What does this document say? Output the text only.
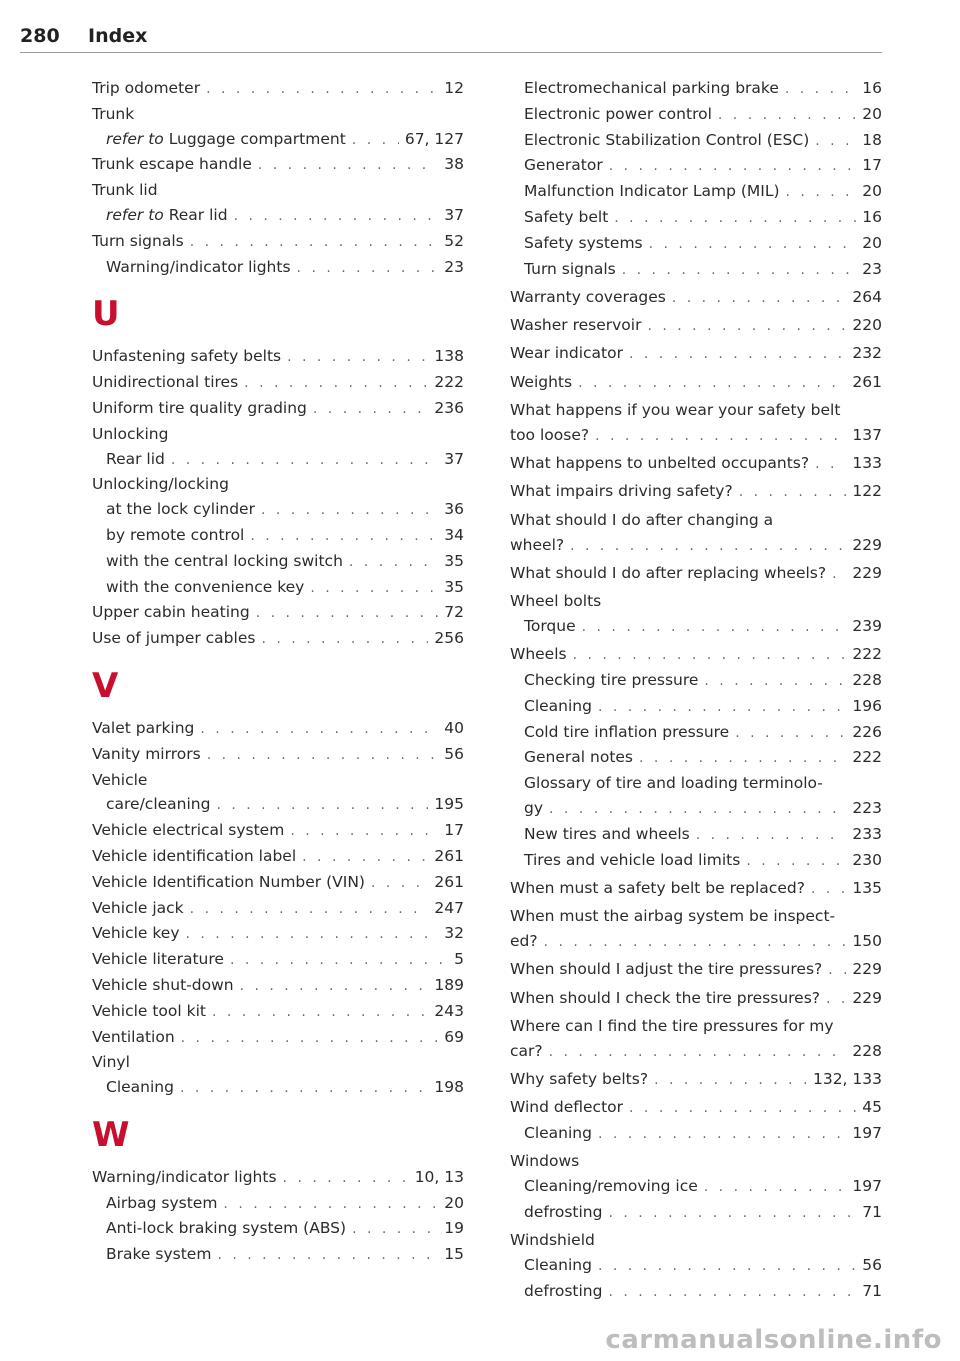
280 Index
Trip odometer . . .	12
Trunk
refer to Luggage compartment . . .	67, 127
Trunk escape handle . . .	38
Trunk lid
refer to Rear lid . . .	37
Turn signals . . .	52
Warning/indicator lights . . .	23
U
Unfastening safety belts . . .	138
Unidirectional tires . . .	222
Uniform tire quality grading . . .	236
Unlocking
Rear lid . . .	37
Unlocking/locking
at the lock cylinder . . .	36
by remote control . . .	34
with the central locking switch . . .	35
with the convenience key . . .	35
Upper cabin heating . . .	72
Use of jumper cables . . .	256
V
Valet parking . . .	40
Vanity mirrors . . .	56
Vehicle
care/cleaning . . .	195
Vehicle electrical system . . .	17
Vehicle identification label . . .	261
Vehicle Identification Number (VIN) . . .	261
Vehicle jack . . .	247
Vehicle key . . .	32
Vehicle literature . . .	5
Vehicle shut-down . . .	189
Vehicle tool kit . . .	243
Ventilation . . .	69
Vinyl
Cleaning . . .	198
W
Warning/indicator lights . . .	10, 13
Airbag system . . .	20
Anti-lock braking system (ABS) . . .	19
Brake system . . .	15
Electromechanical parking brake . . .	16
Electronic power control . . .	20
Electronic Stabilization Control (ESC) . . .	18
Generator . . .	17
Malfunction Indicator Lamp (MIL) . . .	20
Safety belt . . .	16
Safety systems . . .	20
Turn signals . . .	23
Warranty coverages . . .	264
Washer reservoir . . .	220
Wear indicator . . .	232
Weights . . .	261
What happens if you wear your safety belt
too loose? . . .	137
What happens to unbelted occupants? . . .	133
What impairs driving safety? . . .	122
What should I do after changing a
wheel? . . .	229
What should I do after replacing wheels? . . . 229
Wheel bolts
Torque . . .	239
Wheels . . .	222
Checking tire pressure . . .	228
Cleaning . . .	196
Cold tire inflation pressure . . .	226
General notes . . .	222
Glossary of tire and loading terminolo-
gy . . .	223
New tires and wheels . . .	233
Tires and vehicle load limits . . .	230
When must a safety belt be replaced? . . .	135
When must the airbag system be inspect-
ed? . . .	150
When should I adjust the tire pressures? . . . 229
When should I check the tire pressures? . . . 229
Where can I find the tire pressures for my
car? . . .	228
Why safety belts? . . .	132, 133
Wind deflector . . .	45
Cleaning . . .	197
Windows
Cleaning/removing ice . . .	197
defrosting . . .	71
Windshield
Cleaning . . .	56
defrosting . . .	71
carmanualsonline.info
